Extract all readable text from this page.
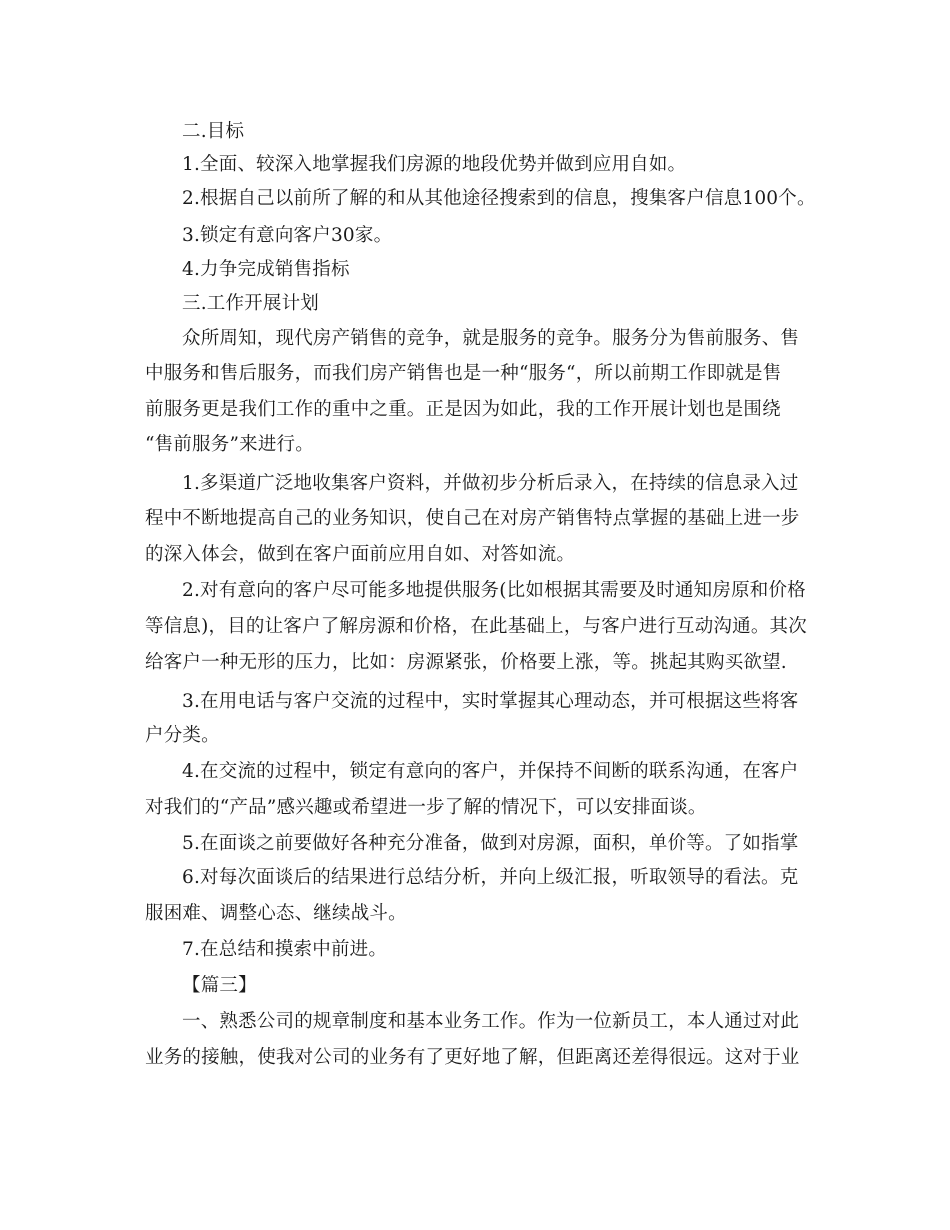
二.目标
1.全面、较深入地掌握我们房源的地段优势并做到应用自如。
2.根据自己以前所了解的和从其他途径搜索到的信息，搜集客户信息100个。
3.锁定有意向客户30家。
4.力争完成销售指标
三.工作开展计划
众所周知，现代房产销售的竞争，就是服务的竞争。服务分为售前服务、售
中服务和售后服务，而我们房产销售也是一种“服务“，所以前期工作即就是售
前服务更是我们工作的重中之重。正是因为如此，我的工作开展计划也是围绕
“售前服务”来进行。
1.多渠道广泛地收集客户资料，并做初步分析后录入，在持续的信息录入过
程中不断地提高自己的业务知识，使自己在对房产销售特点掌握的基础上进一步
的深入体会，做到在客户面前应用自如、对答如流。
2.对有意向的客户尽可能多地提供服务(比如根据其需要及时通知房原和价格
等信息)，目的让客户了解房源和价格，在此基础上，与客户进行互动沟通。其次
给客户一种无形的压力，比如：房源紧张，价格要上涨，等。挑起其购买欲望.
3.在用电话与客户交流的过程中，实时掌握其心理动态，并可根据这些将客
户分类。
4.在交流的过程中，锁定有意向的客户，并保持不间断的联系沟通，在客户
对我们的“产品”感兴趣或希望进一步了解的情况下，可以安排面谈。
5.在面谈之前要做好各种充分准备，做到对房源，面积，单价等。了如指掌
6.对每次面谈后的结果进行总结分析，并向上级汇报，听取领导的看法。克
服困难、调整心态、继续战斗。
7.在总结和摸索中前进。
【篇三】
一、熟悉公司的规章制度和基本业务工作。作为一位新员工，本人通过对此
业务的接触，使我对公司的业务有了更好地了解，但距离还差得很远。这对于业
